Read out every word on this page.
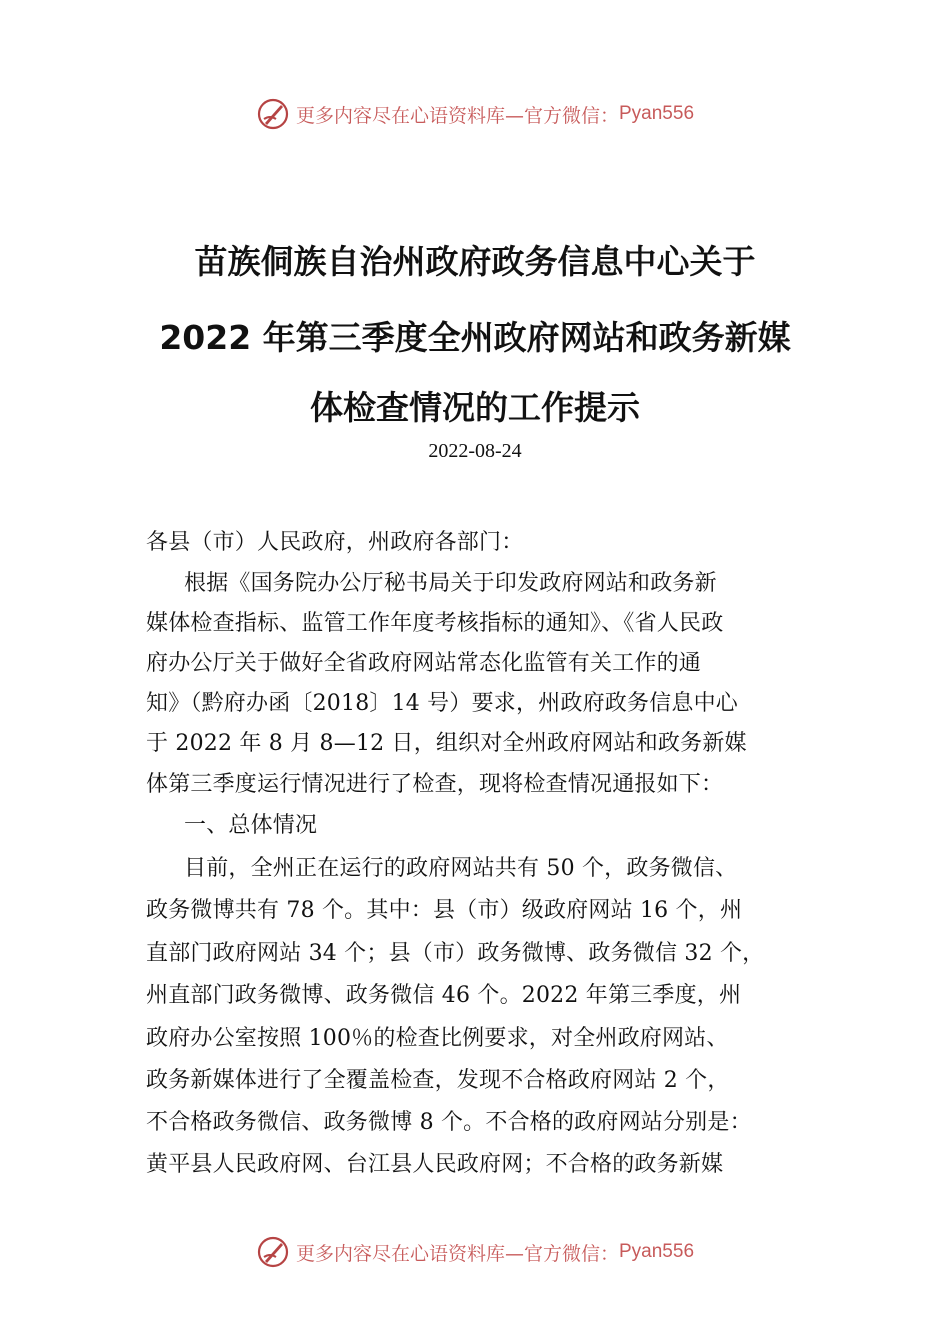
更多内容尽在心语资料库—官方微信： Pyan556
苗族侗族自治州政府政务信息中心关于
2022 年第三季度全州政府网站和政务新媒
体检查情况的工作提示
2022-08-24
各县（市）人民政府，州政府各部门：
根据《国务院办公厅秘书局关于印发政府网站和政务新
媒体检查指标、监管工作年度考核指标的通知》、《省人民政
府办公厅关于做好全省政府网站常态化监管有关工作的通
知》（黔府办函〔2018〕14 号）要求，州政府政务信息中心
于 2022 年 8 月 8—12 日，组织对全州政府网站和政务新媒
体第三季度运行情况进行了检查，现将检查情况通报如下：
一、总体情况
目前，全州正在运行的政府网站共有 50 个，政务微信、
政务微博共有 78 个。其中：县（市）级政府网站 16 个，州
直部门政府网站 34 个；县（市）政务微博、政务微信 32 个，
州直部门政务微博、政务微信 46 个。2022 年第三季度，州
政府办公室按照 100％的检查比例要求，对全州政府网站、
政务新媒体进行了全覆盖检查，发现不合格政府网站 2 个，
不合格政务微信、政务微博 8 个。不合格的政府网站分别是：
黄平县人民政府网、台江县人民政府网；不合格的政务新媒
更多内容尽在心语资料库—官方微信： Pyan556
